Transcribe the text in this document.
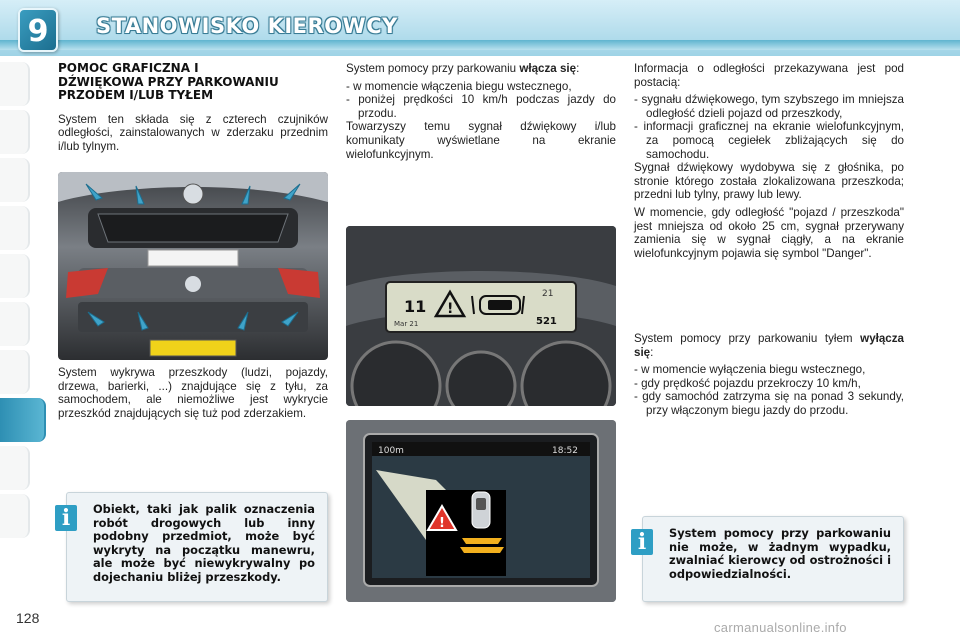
9	STANOWISKO KIEROWCY
POMOC GRAFICZNA I
DŹWIĘKOWA PRZY PARKOWANIU
PRZODEM I/LUB TYŁEM

System ten składa się z czterech czujników odległości, zainstalowanych w zderzaku przednim i/lub tylnym.

System wykrywa przeszkody (ludzi, pojazdy, drzewa, barierki, ...) znajdujące się z tyłu, za samochodem, ale niemożliwe jest wykrycie przeszkód znajdujących się tuż pod zderzakiem.

i	Obiekt, taki jak palik oznaczenia robót drogowych lub inny podobny przedmiot, może być wykryty na początku manewru, ale może być niewykrywalny po dojechaniu bliżej przeszkody.

System pomocy przy parkowaniu włącza się:

- w momencie włączenia biegu wstecznego,
- poniżej prędkości 10 km/h podczas jazdy do przodu.

Towarzyszy temu sygnał dźwiękowy i/lub komunikaty wyświetlane na ekranie wielofunkcyjnym.

11
Mar 21
!
21
521
100m	18:52
!

Informacja o odległości przekazywana jest pod postacią:

- sygnału dźwiękowego, tym szybszego im mniejsza odległość dzieli pojazd od przeszkody,
- informacji graficznej na ekranie wielofunkcyjnym, za pomocą cegiełek zbliżających się do samochodu.

Sygnał dźwiękowy wydobywa się z głośnika, po stronie którego została zlokalizowana przeszkoda; przedni lub tylny, prawy lub lewy.

W momencie, gdy odległość "pojazd / przeszkoda" jest mniejsza od około 25 cm, sygnał przerywany zamienia się w sygnał ciągły, a na ekranie wielofunkcyjnym pojawia się symbol "Danger".

System pomocy przy parkowaniu tyłem wyłącza się:

- w momencie wyłączenia biegu wstecznego,
- gdy prędkość pojazdu przekroczy 10 km/h,
- gdy samochód zatrzyma się na ponad 3 sekundy, przy włączonym biegu jazdy do przodu.
i	System pomocy przy parkowaniu nie może, w żadnym wypadku, zwalniać kierowcy od ostrożności i odpowiedzialności.
128
carmanualsonline.info
